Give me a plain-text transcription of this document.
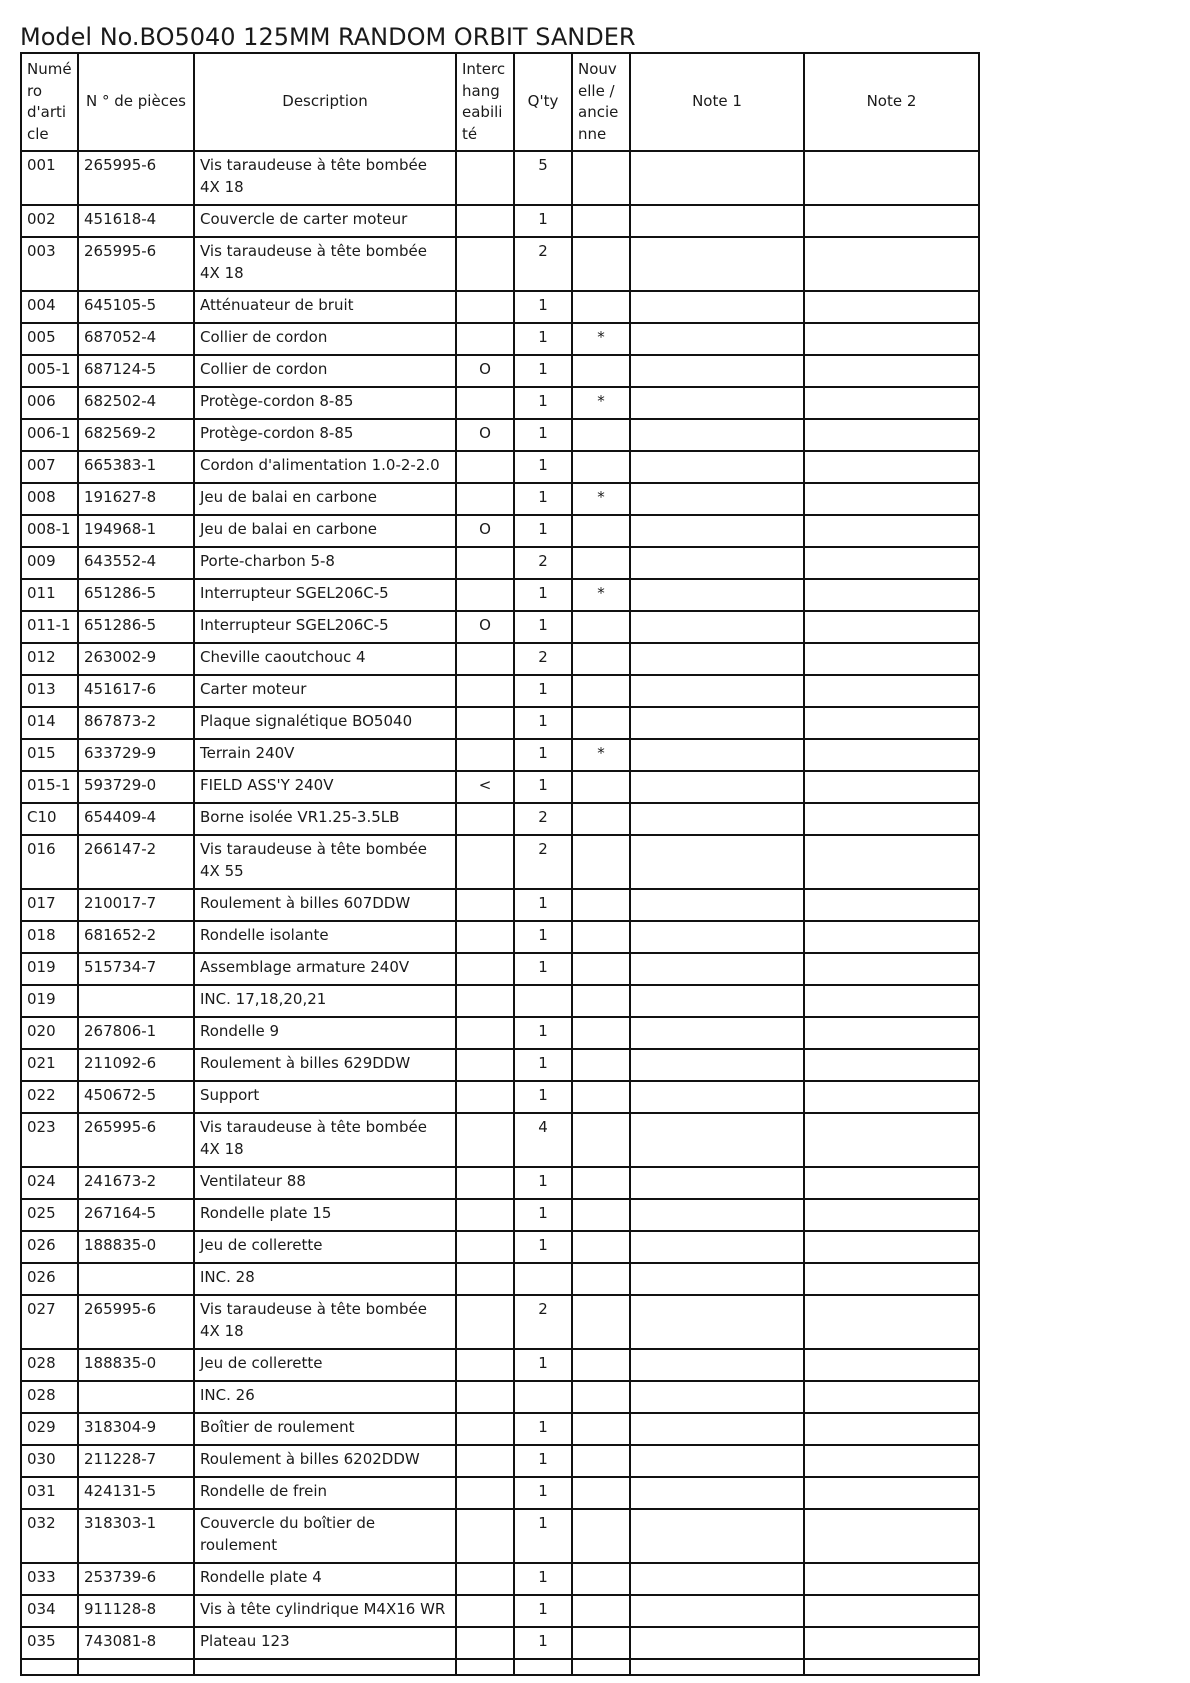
Model No.BO5040 125MM RANDOM ORBIT SANDER
Numéro d'article	N ° de pièces	Description	Interchangeabilité	Q'ty	Nouvelle / ancienne	Note 1	Note 2
001	265995-6	Vis taraudeuse à tête bombée 4X 18		5			
002	451618-4	Couvercle de carter moteur		1			
003	265995-6	Vis taraudeuse à tête bombée 4X 18		2			
004	645105-5	Atténuateur de bruit		1			
005	687052-4	Collier de cordon		1	*		
005-1	687124-5	Collier de cordon	O	1			
006	682502-4	Protège-cordon 8-85		1	*		
006-1	682569-2	Protège-cordon 8-85	O	1			
007	665383-1	Cordon d'alimentation 1.0-2-2.0		1			
008	191627-8	Jeu de balai en carbone		1	*		
008-1	194968-1	Jeu de balai en carbone	O	1			
009	643552-4	Porte-charbon 5-8		2			
011	651286-5	Interrupteur SGEL206C-5		1	*		
011-1	651286-5	Interrupteur SGEL206C-5	O	1			
012	263002-9	Cheville caoutchouc 4		2			
013	451617-6	Carter moteur		1			
014	867873-2	Plaque signalétique BO5040		1			
015	633729-9	Terrain 240V		1	*		
015-1	593729-0	FIELD ASS'Y 240V	<	1			
C10	654409-4	Borne isolée VR1.25-3.5LB		2			
016	266147-2	Vis taraudeuse à tête bombée 4X 55		2			
017	210017-7	Roulement à billes 607DDW		1			
018	681652-2	Rondelle isolante		1			
019	515734-7	Assemblage armature 240V		1			
019		INC. 17,18,20,21					
020	267806-1	Rondelle 9		1			
021	211092-6	Roulement à billes 629DDW		1			
022	450672-5	Support		1			
023	265995-6	Vis taraudeuse à tête bombée 4X 18		4			
024	241673-2	Ventilateur 88		1			
025	267164-5	Rondelle plate 15		1			
026	188835-0	Jeu de collerette		1			
026		INC. 28					
027	265995-6	Vis taraudeuse à tête bombée 4X 18		2			
028	188835-0	Jeu de collerette		1			
028		INC. 26					
029	318304-9	Boîtier de roulement		1			
030	211228-7	Roulement à billes 6202DDW		1			
031	424131-5	Rondelle de frein		1			
032	318303-1	Couvercle du boîtier de roulement		1			
033	253739-6	Rondelle plate 4		1			
034	911128-8	Vis à tête cylindrique M4X16 WR		1			
035	743081-8	Plateau 123		1			
